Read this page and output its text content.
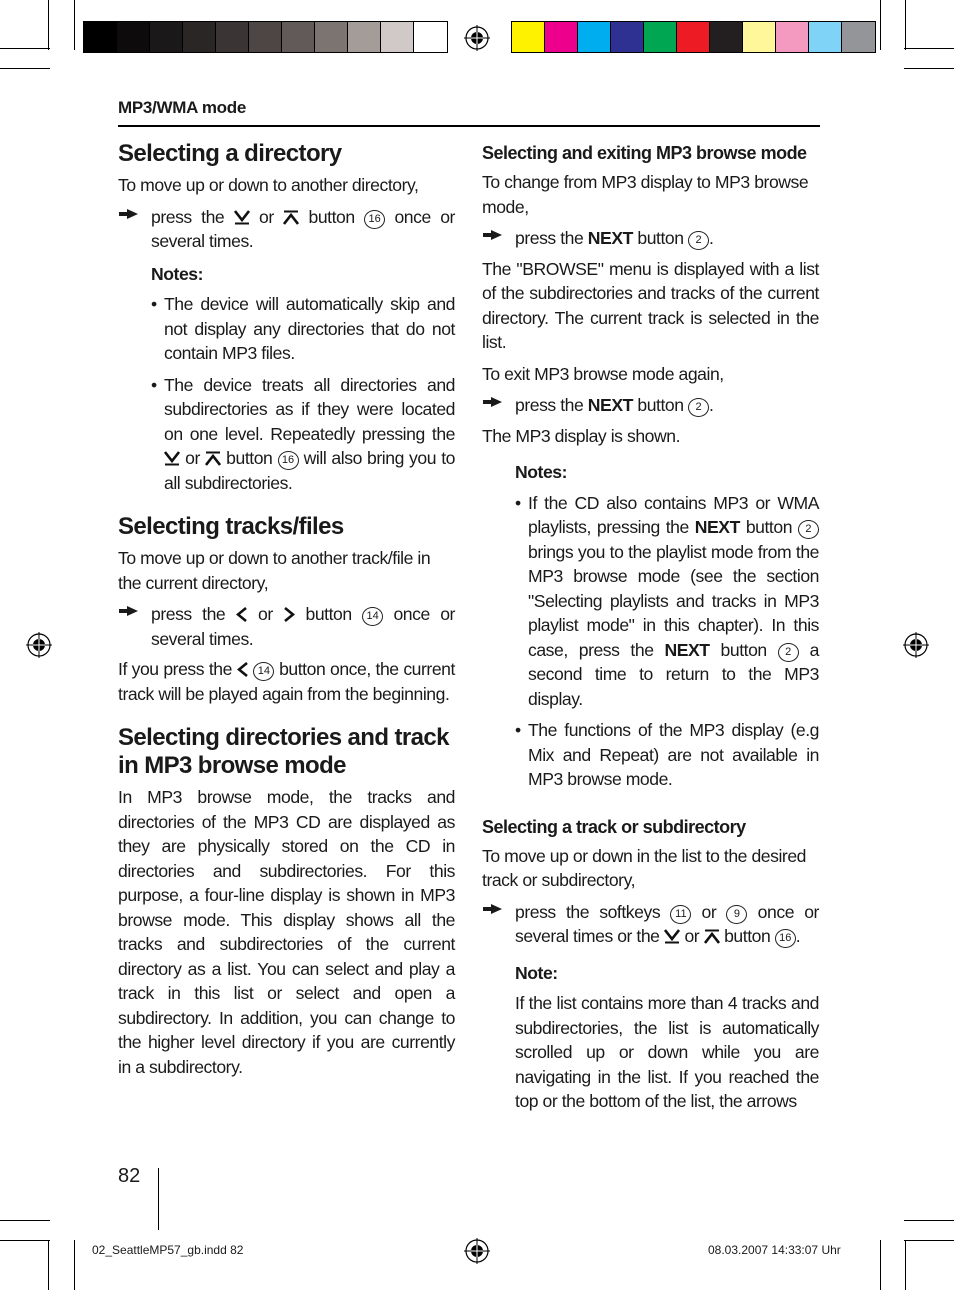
MP3/WMA mode
Selecting a directory

To move up or down to another directory,

press the or button 16 once or several times.
Notes:
• The device will automatically skip and not display any directories that do not contain MP3 files.
• The device treats all directories and subdirectories as if they were located on one level. Repeatedly pressing the  or button 16 will also bring you to all subdirectories.
Selecting tracks/files

To move up or down to another track/file in the current directory,

press the or button 14 once or several times.

If you press the 14 button once, the current track will be played again from the beginning.

Selecting directories and track
in MP3 browse mode

In MP3 browse mode, the tracks and directories of the MP3 CD are displayed as they are physically stored on the CD in directories and subdirectories. For this purpose, a four-line display is shown in MP3 browse mode. This display shows all the tracks and subdirectories of the current directory as a list. You can select and play a track in this list or select and open a subdirectory. In addition, you can change to the higher level directory if you are currently in a subdirectory.

Selecting and exiting MP3 browse mode

To change from MP3 display to MP3 browse mode,

press the NEXT button 2 .

The "BROWSE" menu is displayed with a list of the subdirectories and tracks of the current directory. The current track is selected in the list.

To exit MP3 browse mode again,

press the NEXT button 2 .

The MP3 display is shown.

Notes:
• If the CD also contains MP3 or WMA playlists, pressing the NEXT button 2 brings you to the playlist mode from the MP3 browse mode (see the section "Selecting playlists and tracks in MP3 playlist mode" in this chapter). In this case, press the NEXT button 2 a second time to return to the MP3 display.
• The functions of the MP3 display (e.g Mix and Repeat) are not available in MP3 browse mode.
Selecting a track or subdirectory

To move up or down in the list to the desired track or subdirectory,

press the softkeys 11 or 9 once or several times or the or button 16 .
Note:

If the list contains more than 4 tracks and subdirectories, the list is automatically scrolled up or down while you are navigating in the list. If you reached the top or the bottom of the list, the arrows

82
02_SeattleMP57_gb.indd 82	08.03.2007 14:33:07 Uhr
